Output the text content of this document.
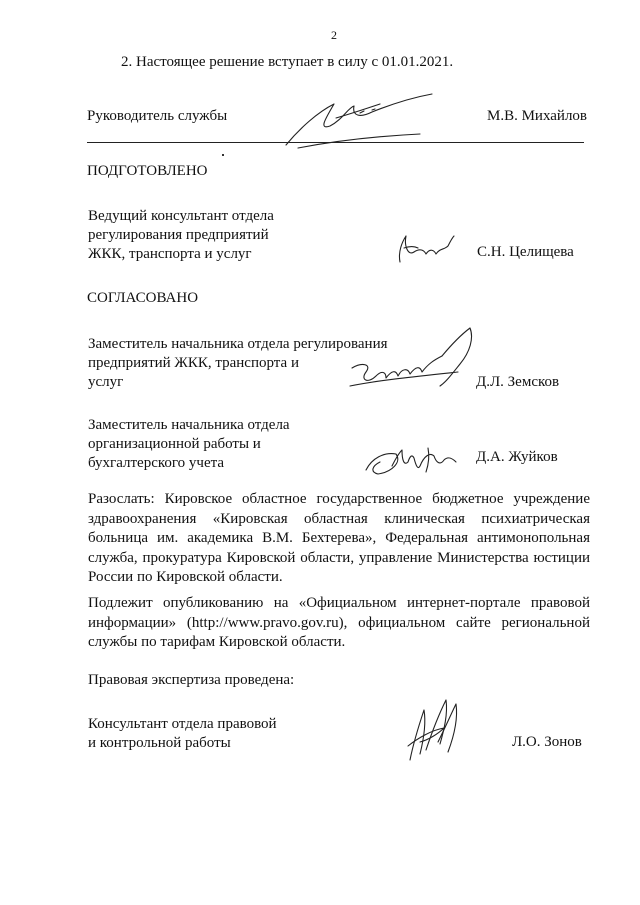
2
2. Настоящее решение вступает в силу с 01.01.2021.
Руководитель службы	М.В. Михайлов
ПОДГОТОВЛЕНО
Ведущий консультант отдела
регулирования предприятий
ЖКК, транспорта и услуг	С.Н. Целищева
СОГЛАСОВАНО
Заместитель начальника отдела регулирования
предприятий ЖКК, транспорта и
услуг	Д.Л. Земсков
Заместитель начальника отдела
организационной работы и
бухгалтерского учета	Д.А. Жуйков
Разослать: Кировское областное государственное бюджетное учреждение
здравоохранения «Кировская областная клиническая психиатрическая
больница им. академика В.М. Бехтерева», Федеральная антимонопольная
служба, прокуратура Кировской области, управление Министерства юстиции
России по Кировской области.
Подлежит опубликованию на «Официальном интернет-портале правовой
информации» (http://www.pravo.gov.ru), официальном сайте региональной
службы по тарифам Кировской области.
Правовая экспертиза проведена:
Консультант отдела правовой
и контрольной работы	Л.О. Зонов
